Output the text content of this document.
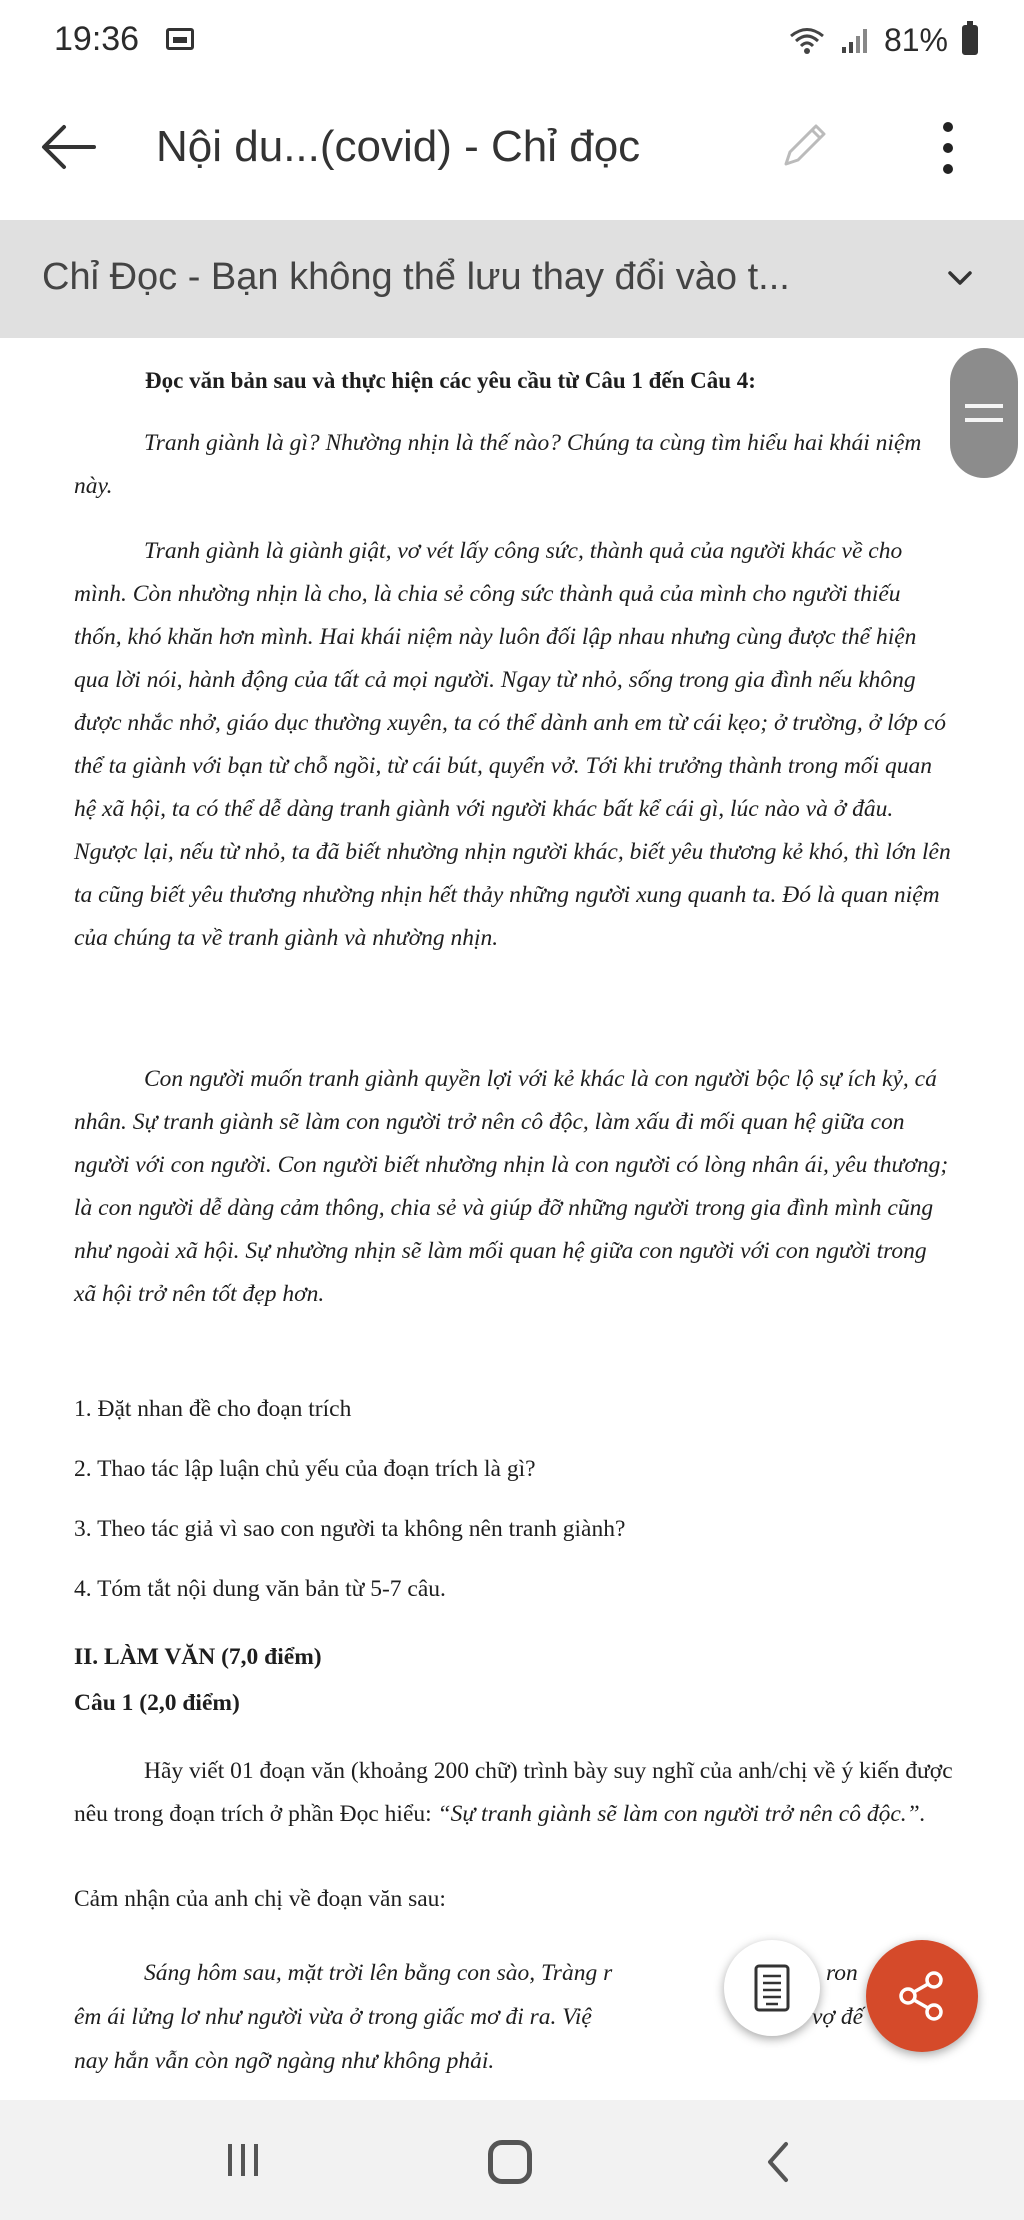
19:36	81%
Nội du...(covid) - Chỉ đọc
Chỉ Đọc - Bạn không thể lưu thay đổi vào t...
Đọc văn bản sau và thực hiện các yêu cầu từ Câu 1 đến Câu 4:
Tranh giành là gì? Nhường nhịn là thế nào? Chúng ta cùng tìm hiểu hai khái niệm này.
Tranh giành là giành giật, vơ vét lấy công sức, thành quả của người khác về cho mình. Còn nhường nhịn là cho, là chia sẻ công sức thành quả của mình cho người thiếu thốn, khó khăn hơn mình. Hai khái niệm này luôn đối lập nhau nhưng cùng được thể hiện qua lời nói, hành động của tất cả mọi người. Ngay từ nhỏ, sống trong gia đình nếu không được nhắc nhở, giáo dục thường xuyên, ta có thể dành anh em từ cái kẹo; ở trường, ở lớp có thể ta giành với bạn từ chỗ ngồi, từ cái bút, quyển vở. Tới khi trưởng thành trong mối quan hệ xã hội, ta có thể dễ dàng tranh giành với người khác bất kể cái gì, lúc nào và ở đâu. Ngược lại, nếu từ nhỏ, ta đã biết nhường nhịn người khác, biết yêu thương kẻ khó, thì lớn lên ta cũng biết yêu thương nhường nhịn hết thảy những người xung quanh ta. Đó là quan niệm của chúng ta về tranh giành và nhường nhịn.
Con người muốn tranh giành quyền lợi với kẻ khác là con người bộc lộ sự ích kỷ, cá nhân. Sự tranh giành sẽ làm con người trở nên cô độc, làm xấu đi mối quan hệ giữa con người với con người. Con người biết nhường nhịn là con người có lòng nhân ái, yêu thương; là con người dễ dàng cảm thông, chia sẻ và giúp đỡ những người trong gia đình mình cũng như ngoài xã hội. Sự nhường nhịn sẽ làm mối quan hệ giữa con người với con người trong xã hội trở nên tốt đẹp hơn.
1. Đặt nhan đề cho đoạn trích
2. Thao tác lập luận chủ yếu của đoạn trích là gì?
3. Theo tác giả vì sao con người ta không nên tranh giành?
4. Tóm tắt nội dung văn bản từ 5-7 câu.
II. LÀM VĂN (7,0 điểm)
Câu 1 (2,0 điểm)
Hãy viết 01 đoạn văn (khoảng 200 chữ) trình bày suy nghĩ của anh/chị về ý kiến được nêu trong đoạn trích ở phần Đọc hiểu: “Sự tranh giành sẽ làm con người trở nên cô độc.”.
Cảm nhận của anh chị về đoạn văn sau:
Sáng hôm sau, mặt trời lên bằng con sào, Tràng r	ron
êm ái lửng lơ như người vừa ở trong giấc mơ đi ra. Việ	vợ đế
nay hắn vẫn còn ngỡ ngàng như không phải.
